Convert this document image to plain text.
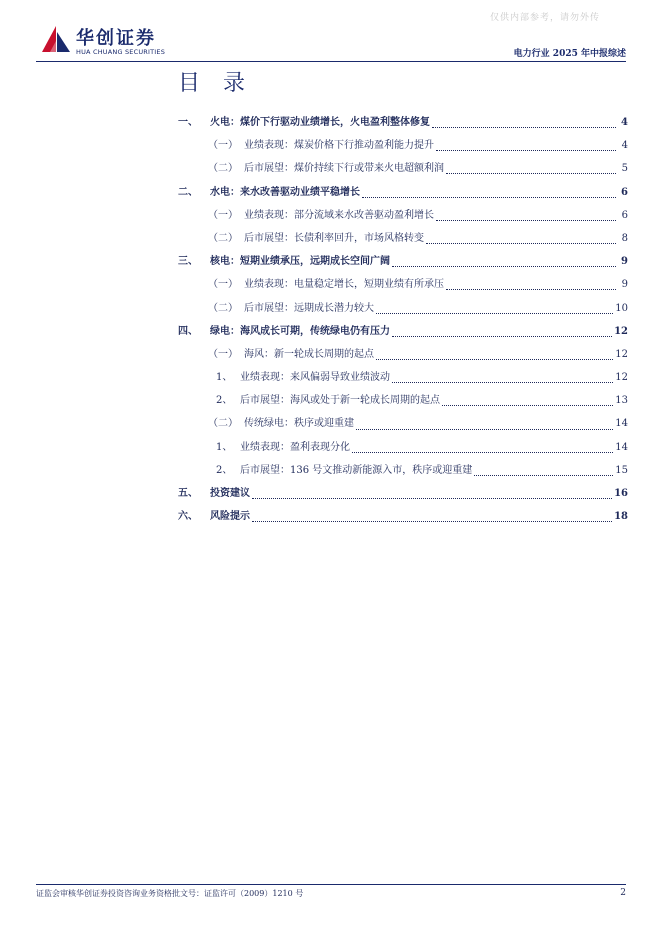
仅供内部参考，请勿外传
华创证券
HUA CHUANG SECURITIES	电力行业 2025 年中报综述
目 录
一、	火电：煤价下行驱动业绩增长，火电盈利整体修复	4
（一） 业绩表现：煤炭价格下行推动盈利能力提升	4
（二） 后市展望：煤价持续下行或带来火电超额利润	5
二、	水电：来水改善驱动业绩平稳增长	6
（一） 业绩表现：部分流域来水改善驱动盈利增长	6
（二） 后市展望：长债利率回升，市场风格转变	8
三、	核电：短期业绩承压，远期成长空间广阔	9
（一） 业绩表现：电量稳定增长，短期业绩有所承压	9
（二） 后市展望：远期成长潜力较大	10
四、	绿电：海风成长可期，传统绿电仍有压力	12
（一） 海风：新一轮成长周期的起点	12
1、 业绩表现：来风偏弱导致业绩波动	12
2、 后市展望：海风或处于新一轮成长周期的起点	13
（二） 传统绿电：秩序或迎重建	14
1、 业绩表现：盈利表现分化	14
2、 后市展望：136 号文推动新能源入市，秩序或迎重建	15
五、	投资建议	16
六、	风险提示	18
证监会审核华创证券投资咨询业务资格批文号：证监许可（2009）1210 号	2
